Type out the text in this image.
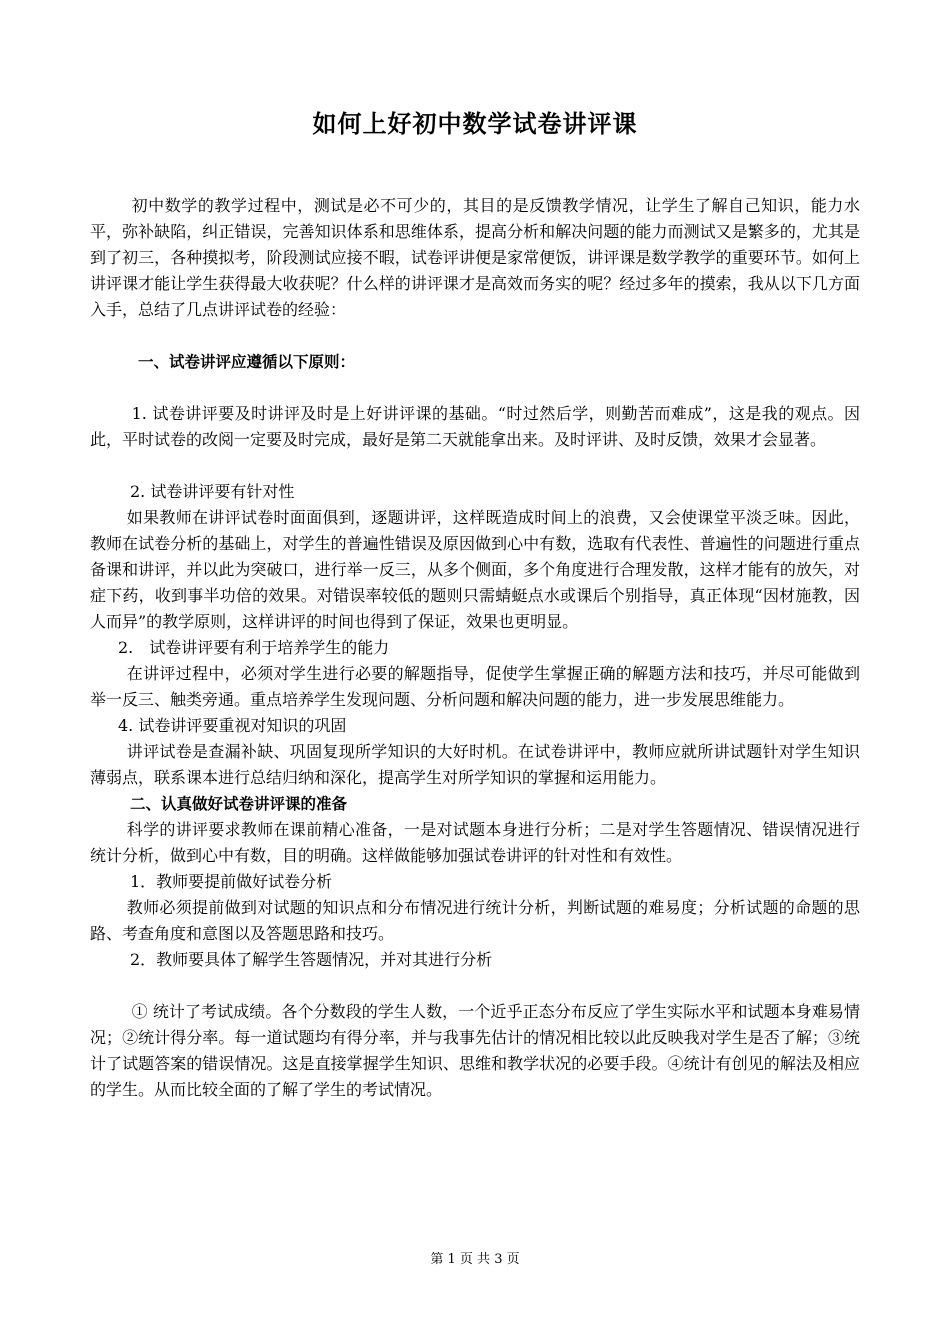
如何上好初中数学试卷讲评课

初中数学的教学过程中，测试是必不可少的，其目的是反馈教学情况，让学生了解自己知识，能力水平，弥补缺陷，纠正错误，完善知识体系和思维体系，提高分析和解决问题的能力而测试又是繁多的，尤其是到了初三，各种摸拟考，阶段测试应接不暇，试卷评讲便是家常便饭，讲评课是数学教学的重要环节。如何上讲评课才能让学生获得最大收获呢？什么样的讲评课才是高效而务实的呢？经过多年的摸索，我从以下几方面入手，总结了几点讲评试卷的经验：

一、试卷讲评应遵循以下原则：

1. 试卷讲评要及时讲评及时是上好讲评课的基础。“时过然后学，则勤苦而难成”，这是我的观点。因此，平时试卷的改阅一定要及时完成，最好是第二天就能拿出来。及时评讲、及时反馈，效果才会显著。

2. 试卷讲评要有针对性

如果教师在讲评试卷时面面俱到，逐题讲评，这样既造成时间上的浪费，又会使课堂平淡乏味。因此，教师在试卷分析的基础上，对学生的普遍性错误及原因做到心中有数，选取有代表性、普遍性的问题进行重点备课和讲评，并以此为突破口，进行举一反三，从多个侧面，多个角度进行合理发散，这样才能有的放矢，对症下药，收到事半功倍的效果。对错误率较低的题则只需蜻蜓点水或课后个别指导，真正体现“因材施教，因人而异”的教学原则，这样讲评的时间也得到了保证，效果也更明显。

2.　试卷讲评要有利于培养学生的能力

在讲评过程中，必须对学生进行必要的解题指导，促使学生掌握正确的解题方法和技巧，并尽可能做到举一反三、触类旁通。重点培养学生发现问题、分析问题和解决问题的能力，进一步发展思维能力。

4. 试卷讲评要重视对知识的巩固

讲评试卷是查漏补缺、巩固复现所学知识的大好时机。在试卷讲评中，教师应就所讲试题针对学生知识薄弱点，联系课本进行总结归纳和深化，提高学生对所学知识的掌握和运用能力。

二、认真做好试卷讲评课的准备

科学的讲评要求教师在课前精心准备，一是对试题本身进行分析；二是对学生答题情况、错误情况进行统计分析，做到心中有数，目的明确。这样做能够加强试卷讲评的针对性和有效性。

1．教师要提前做好试卷分析

教师必须提前做到对试题的知识点和分布情况进行统计分析，判断试题的难易度；分析试题的命题的思路、考查角度和意图以及答题思路和技巧。

2．教师要具体了解学生答题情况，并对其进行分析

① 统计了考试成绩。各个分数段的学生人数，一个近乎正态分布反应了学生实际水平和试题本身难易情况；②统计得分率。每一道试题均有得分率，并与我事先估计的情况相比较以此反映我对学生是否了解；③统计了试题答案的错误情况。这是直接掌握学生知识、思维和教学状况的必要手段。④统计有创见的解法及相应的学生。从而比较全面的了解了学生的考试情况。

第 1 页 共 3 页
